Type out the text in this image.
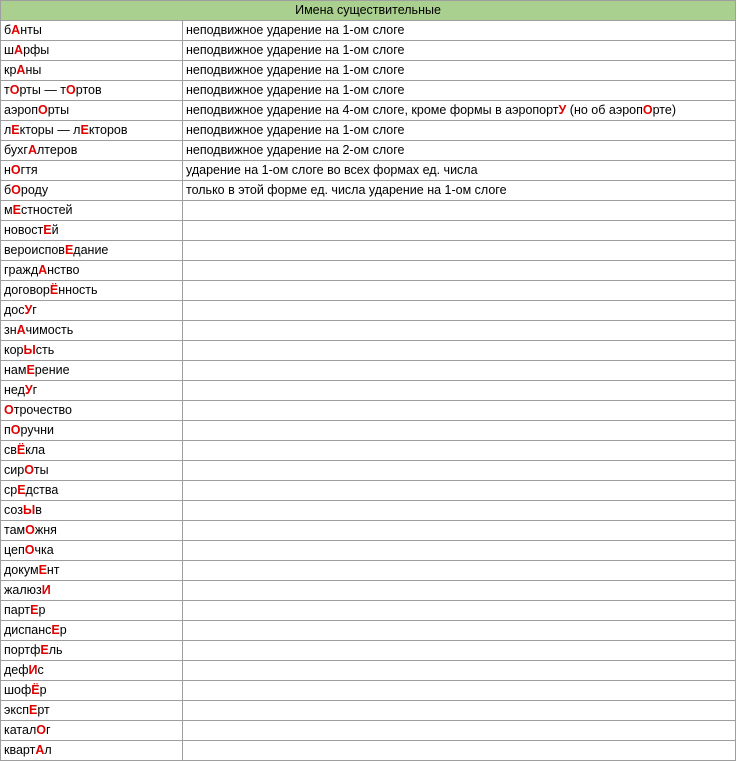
Имена существительные	
бАнты	неподвижное ударение на 1-ом слоге
шАрфы	неподвижное ударение на 1-ом слоге
крАны	неподвижное ударение на 1-ом слоге
тОрты — тОртов	неподвижное ударение на 1-ом слоге
аэропОрты	неподвижное ударение на 4-ом слоге, кроме формы в аэропортУ (но об аэропОрте)
лЕкторы — лЕкторов	неподвижное ударение на 1-ом слоге
бухгАлтеров	неподвижное ударение на 2-ом слоге
нОгтя	ударение на 1-ом слоге во всех формах ед. числа
бОроду	только в этой форме ед. числа ударение на 1-ом слоге
мЕстностей	
новостЕй	
вероисповЕдание	
граждАнство	
договорЁнность	
досУг	
знАчимость	
корЫсть	
намЕрение	
недУг	
Отрочество	
пОручни	
свЁкла	
сирОты	
срЕдства	
созЫв	
тамОжня	
цепОчка	
докумЕнт	
жалюзИ	
партЕр	
диспансЕр	
портфЕль	
дефИс	
шофЁр	
экспЕрт	
каталОг	
квартАл	
